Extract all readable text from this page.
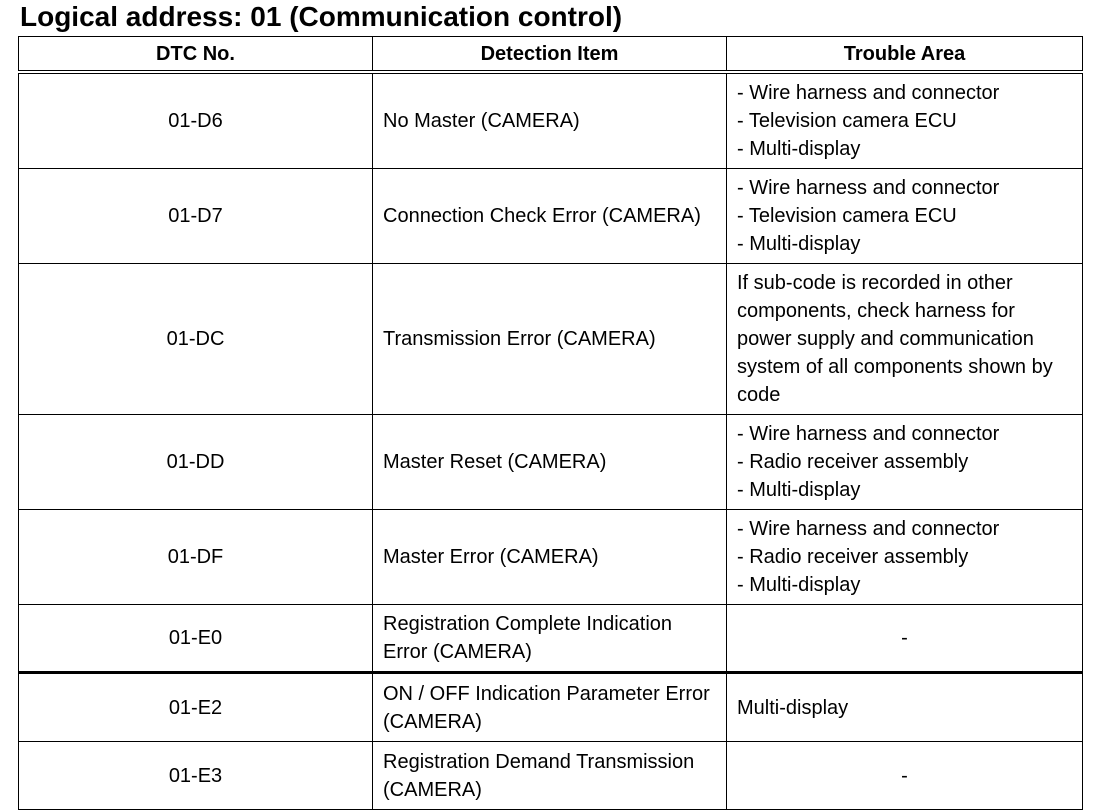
Logical address: 01 (Communication control)
DTC No.	Detection Item	Trouble Area
01-D6	No Master (CAMERA)	- Wire harness and connector
- Television camera ECU
- Multi-display

01-D7	Connection Check Error (CAMERA)	- Wire harness and connector
- Television camera ECU
- Multi-display

01-DC	Transmission Error (CAMERA)	If sub-code is recorded in other components, check harness for power supply and communication system of all components shown by code

01-DD	Master Reset (CAMERA)	- Wire harness and connector
- Radio receiver assembly
- Multi-display

01-DF	Master Error (CAMERA)	- Wire harness and connector
- Radio receiver assembly
- Multi-display

01-E0	Registration Complete Indication Error (CAMERA)	-
01-E2	ON / OFF Indication Parameter Error (CAMERA)	Multi-display
01-E3	Registration Demand Transmission (CAMERA)	-
